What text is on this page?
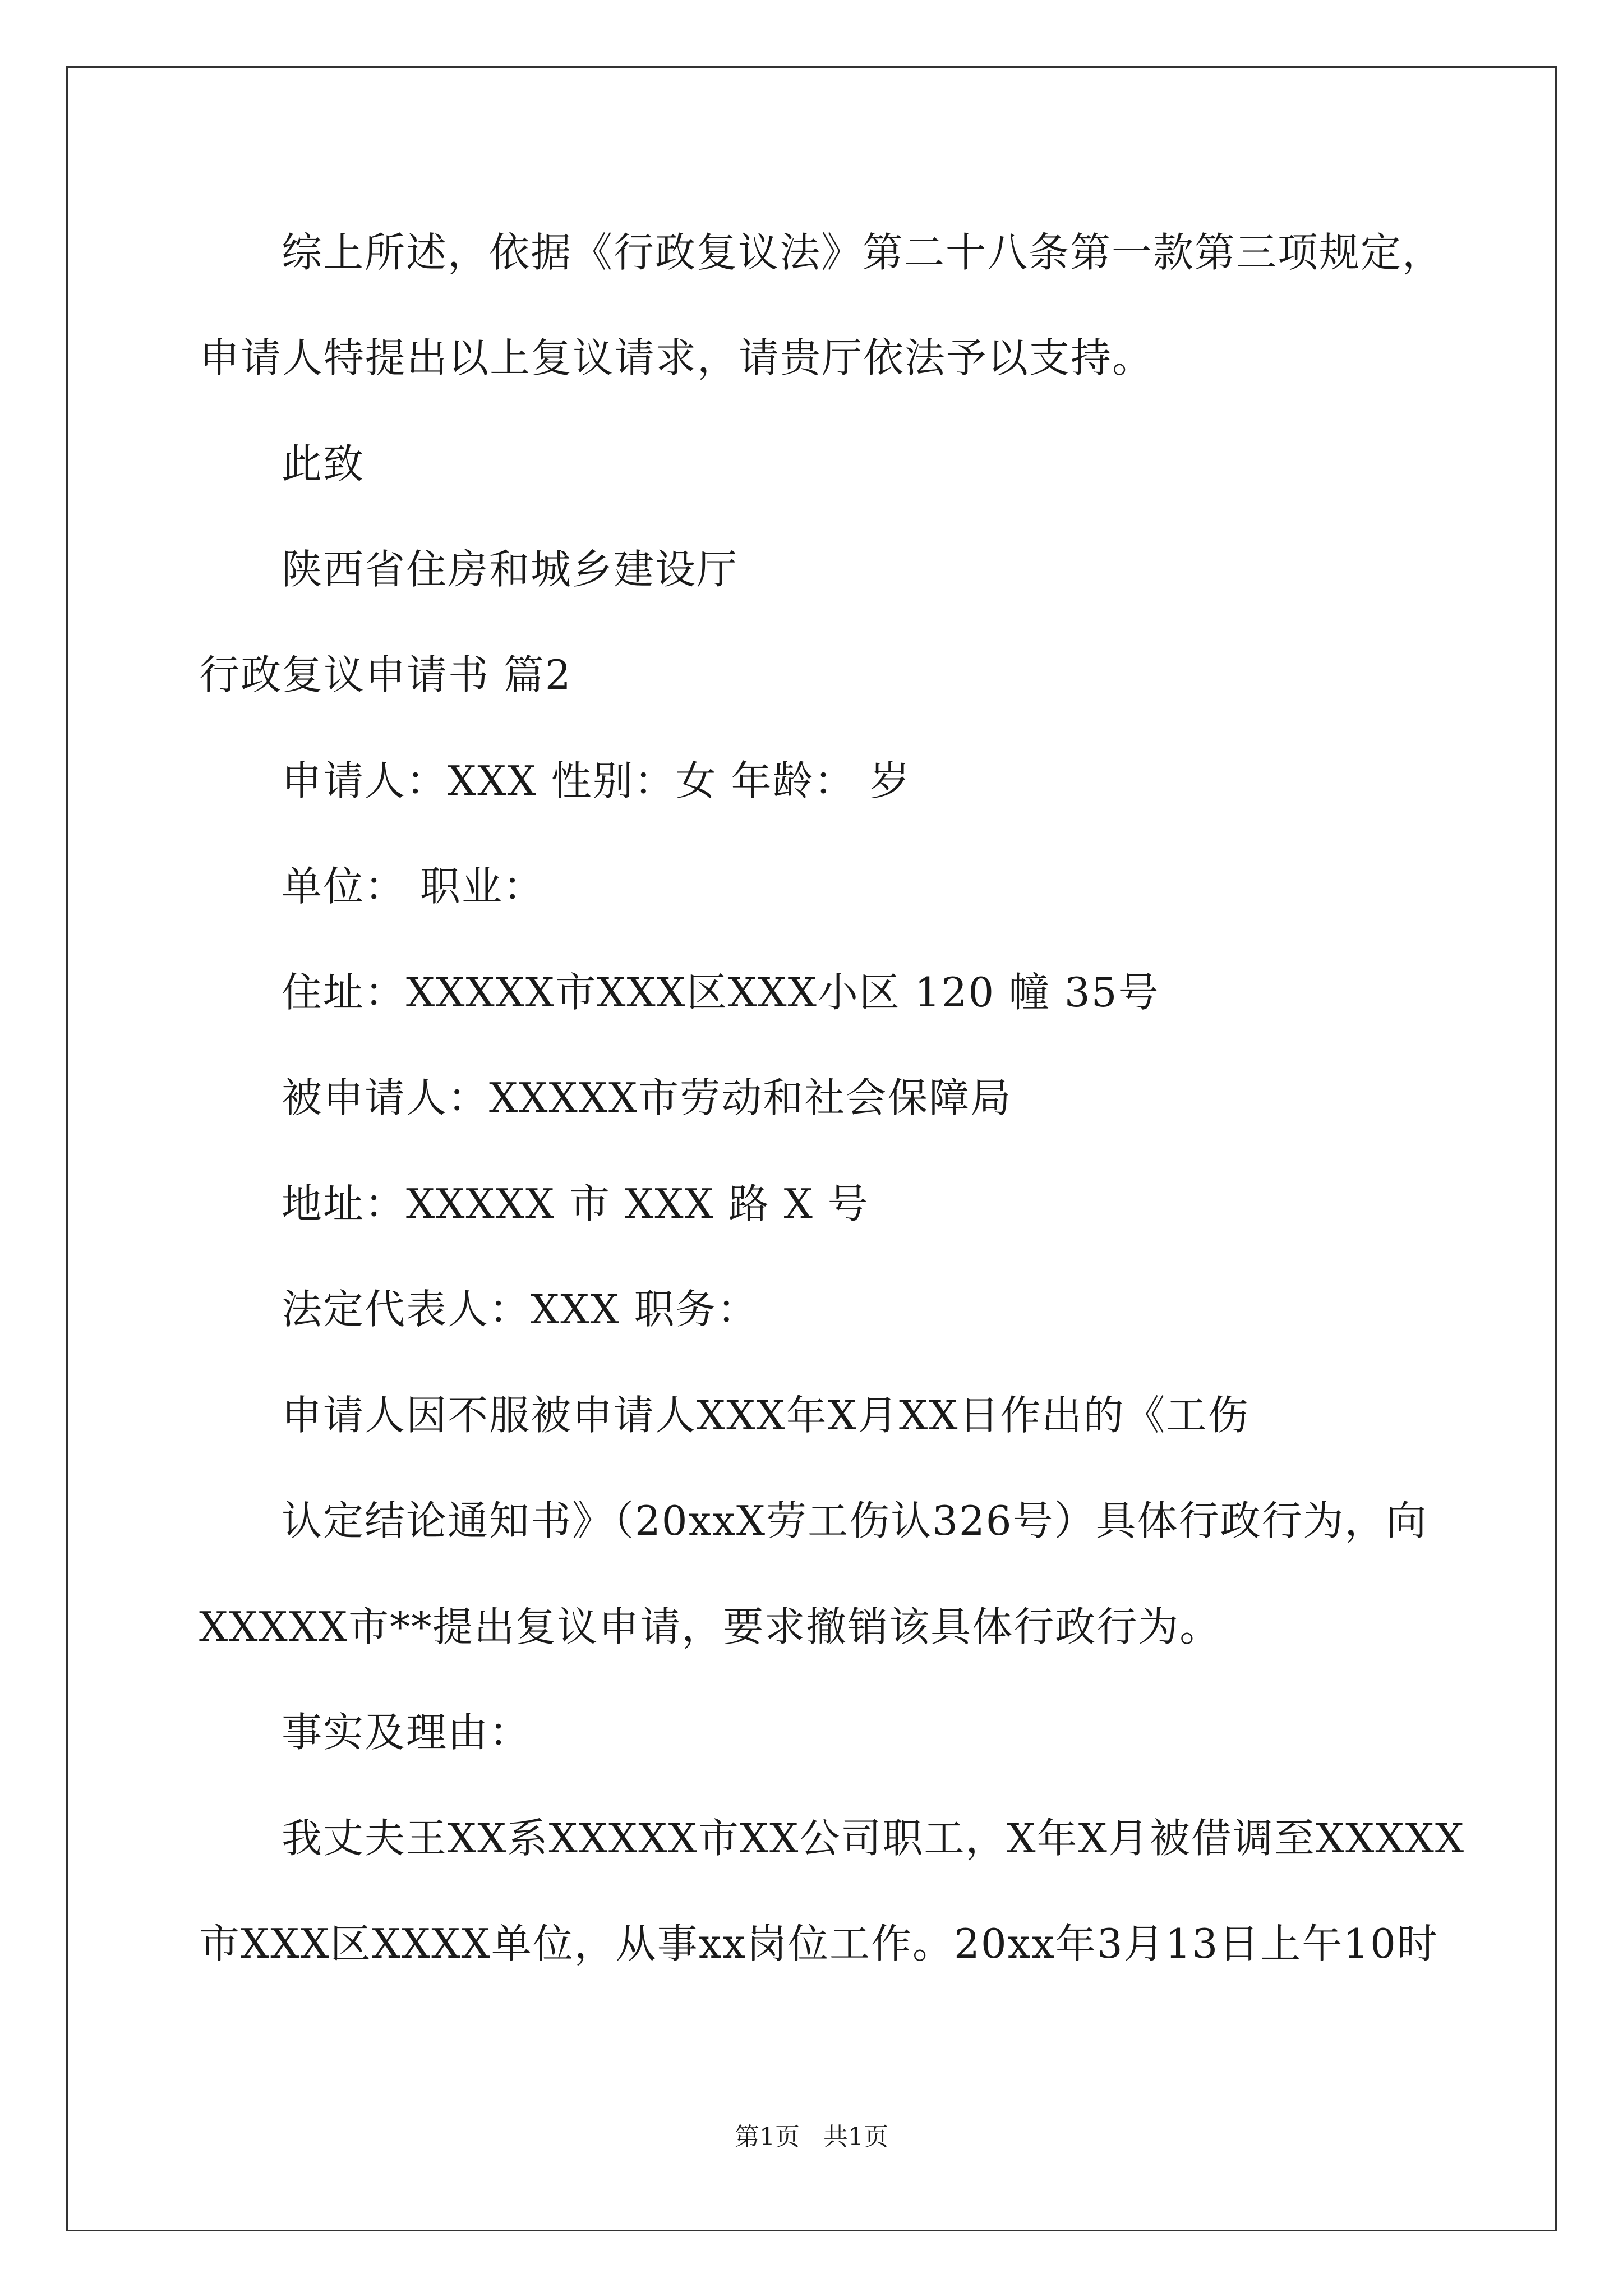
综上所述，依据《行政复议法》第二十八条第一款第三项规定，
申请人特提出以上复议请求，请贵厅依法予以支持。
此致
陕西省住房和城乡建设厅
行政复议申请书 篇2
申请人：XXX 性别：女 年龄： 岁
单位： 职业：
住址：XXXXX市XXX区XXX小区 120 幢 35号
被申请人：XXXXX市劳动和社会保障局
地址：XXXXX 市 XXX 路 X 号
法定代表人：XXX 职务：
申请人因不服被申请人XXX年X月XX日作出的《工伤
认定结论通知书》（20xxX劳工伤认326号）具体行政行为，向
XXXXX市**提出复议申请，要求撤销该具体行政行为。
事实及理由：
我丈夫王XX系XXXXX市XX公司职工，X年X月被借调至XXXXX
市XXX区XXXX单位，从事xx岗位工作。20xx年3月13日上午10时
第1页   共1页
